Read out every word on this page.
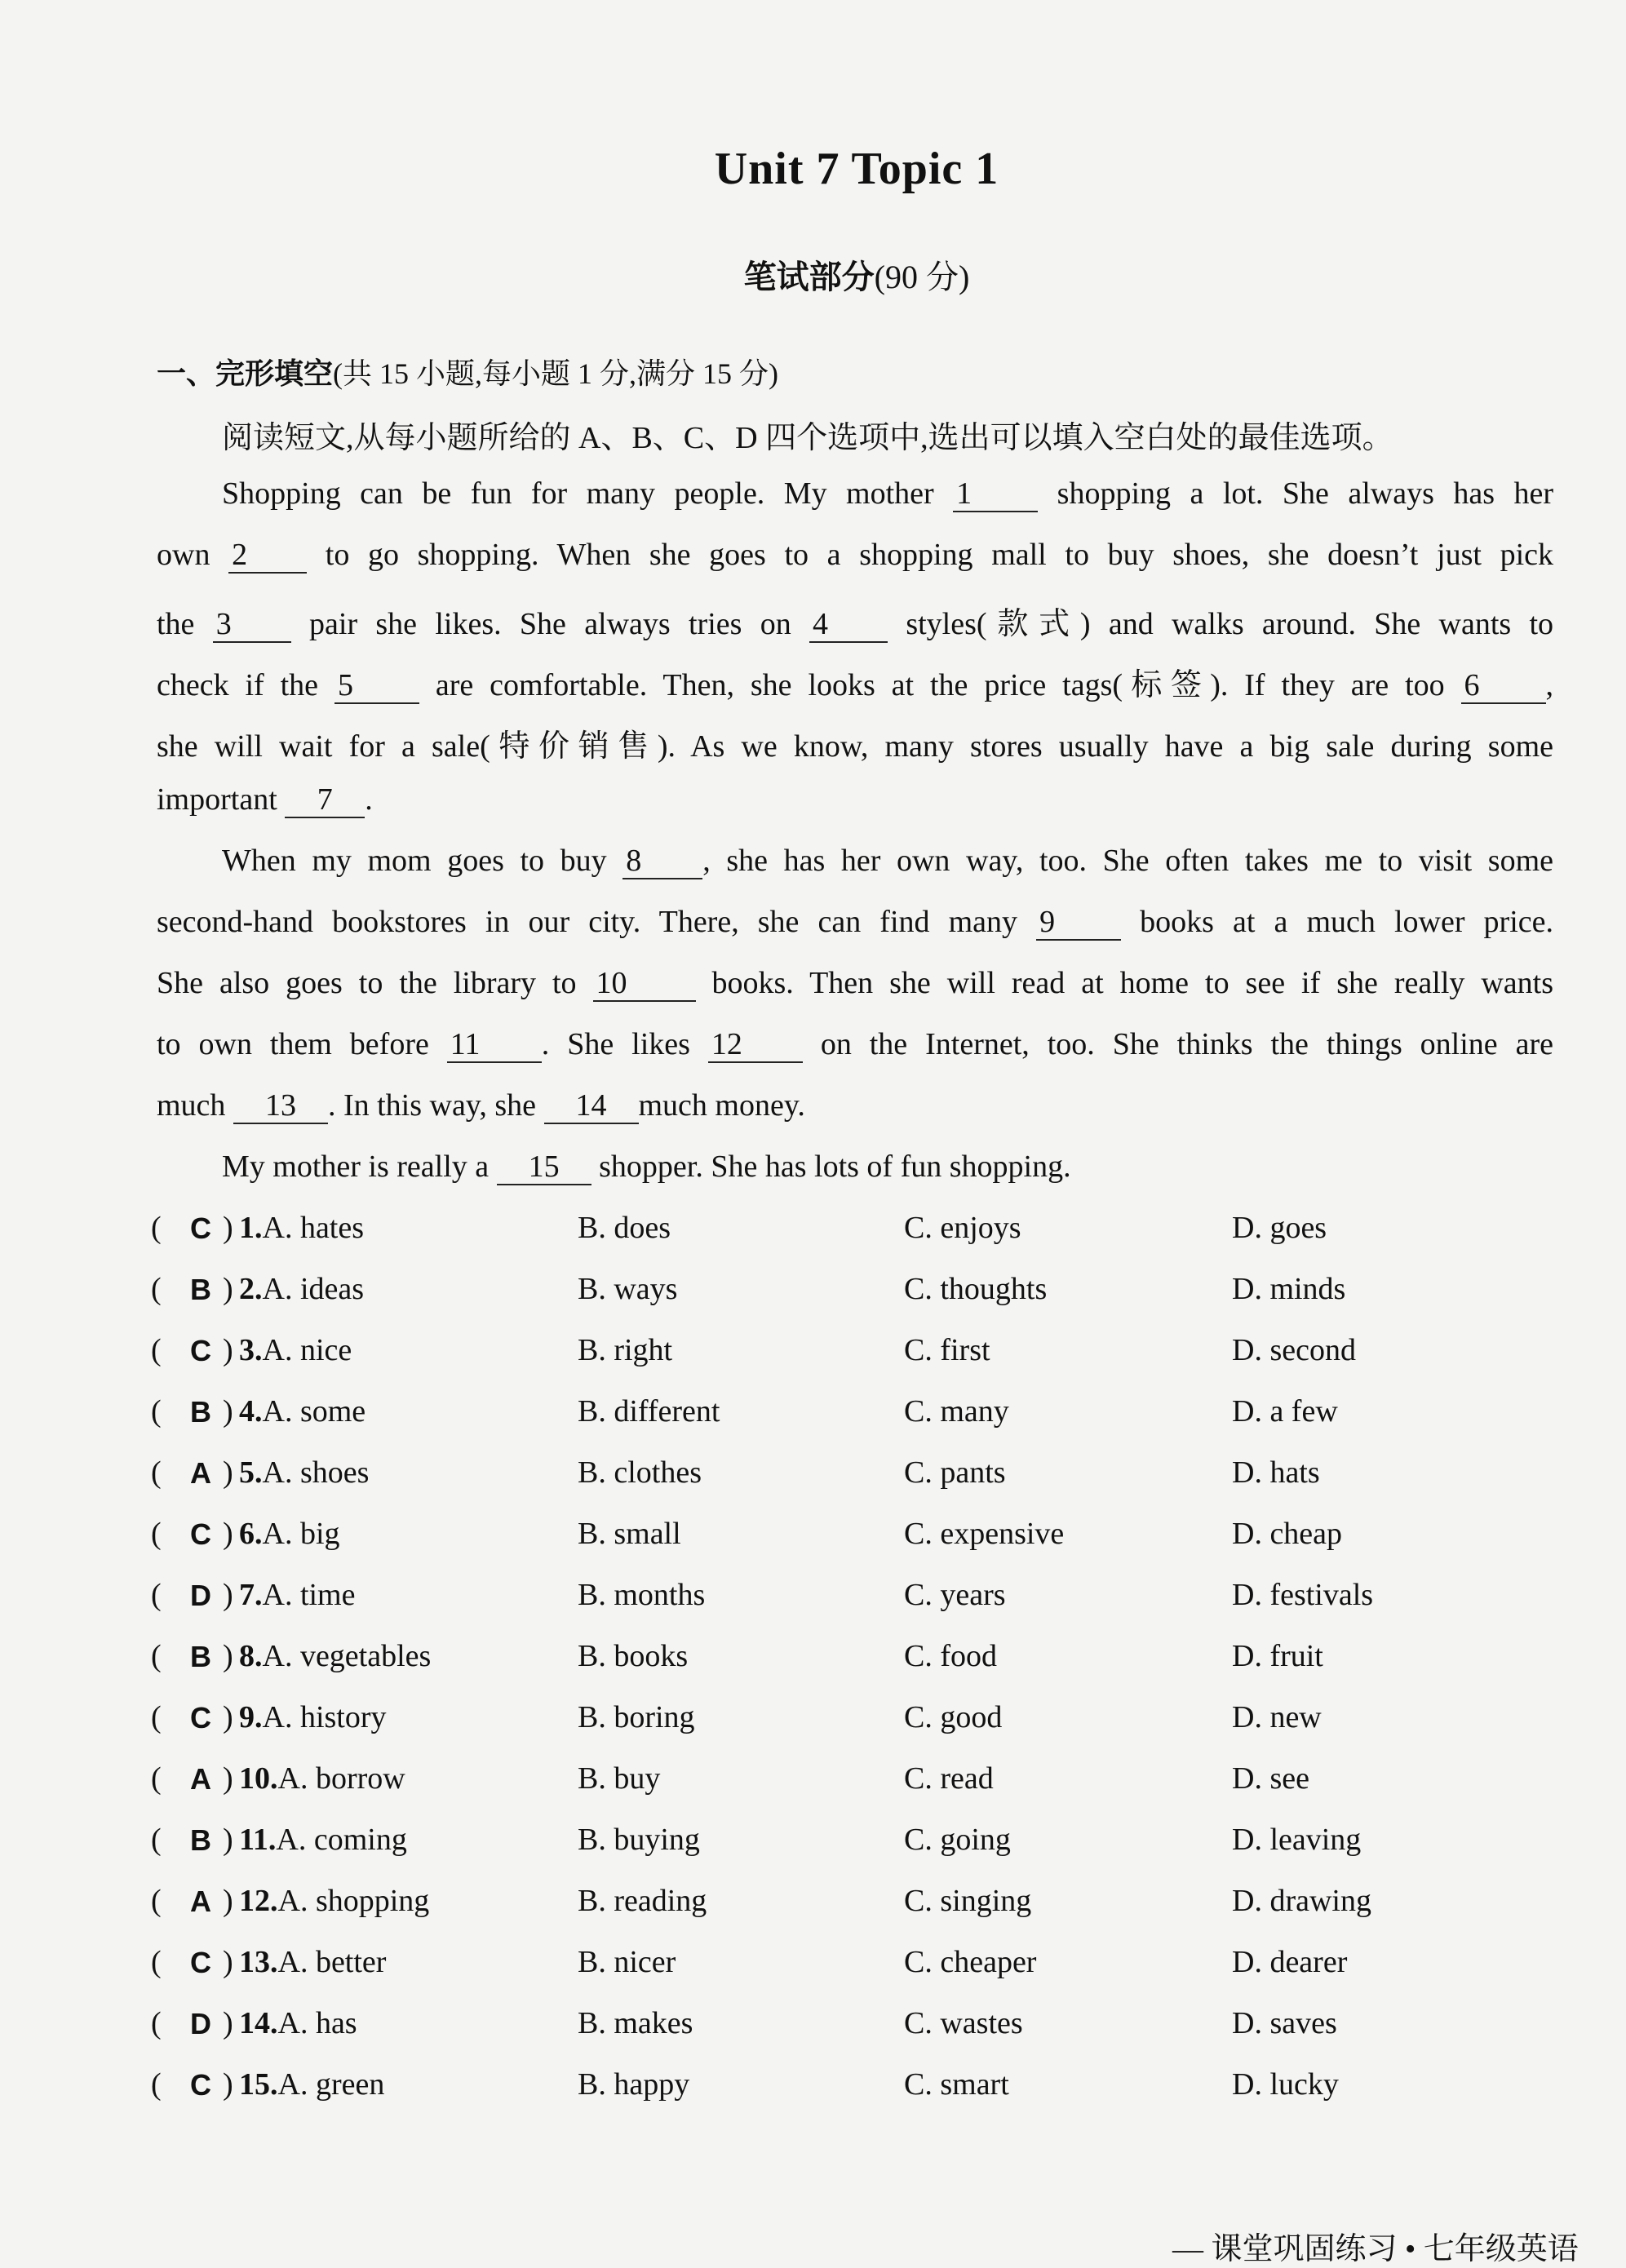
Unit 7 Topic 1
笔试部分(90 分)
一、完形填空(共 15 小题,每小题 1 分,满分 15 分)
阅读短文,从每小题所给的 A、B、C、D 四个选项中,选出可以填入空白处的最佳选项。
Shopping can be fun for many people. My mother 1	shopping a lot. She always has her
own 2	to go shopping. When she goes to a shopping mall to buy shoes, she doesn’t just pick
the 3	pair she likes. She always tries on 4	styles(款式) and walks around. She wants to
check if the 5	are comfortable. Then, she looks at the price tags(标签). If they are too 6 ,
she will wait for a sale(特价销售). As we know, many stores usually have a big sale during some
important 7 .
When my mom goes to buy 8 , she has her own way, too. She often takes me to visit some
second-hand bookstores in our city. There, she can find many 9	books at a much lower price.
She also goes to the library to 10	books. Then she will read at home to see if she really wants
to own them before 11 . She likes 12	on the Internet, too. She thinks the things online are
much 13 . In this way, she 14 much money.
My mother is really a 15 shopper. She has lots of fun shopping.
( C ) 1.A. hates	B. does	C. enjoys	D. goes
( B ) 2.A. ideas	B. ways	C. thoughts	D. minds
( C ) 3.A. nice	B. right	C. first	D. second
( B ) 4.A. some	B. different	C. many	D. a few
( A ) 5.A. shoes	B. clothes	C. pants	D. hats
( C ) 6.A. big	B. small	C. expensive	D. cheap
( D ) 7.A. time	B. months	C. years	D. festivals
( B ) 8.A. vegetables	B. books	C. food	D. fruit
( C ) 9.A. history	B. boring	C. good	D. new
( A ) 10.A. borrow	B. buy	C. read	D. see
( B ) 11.A. coming	B. buying	C. going	D. leaving
( A ) 12.A. shopping	B. reading	C. singing	D. drawing
( C ) 13.A. better	B. nicer	C. cheaper	D. dearer
( D ) 14.A. has	B. makes	C. wastes	D. saves
( C ) 15.A. green	B. happy	C. smart	D. lucky
— 课堂巩固练习 • 七年级英语
